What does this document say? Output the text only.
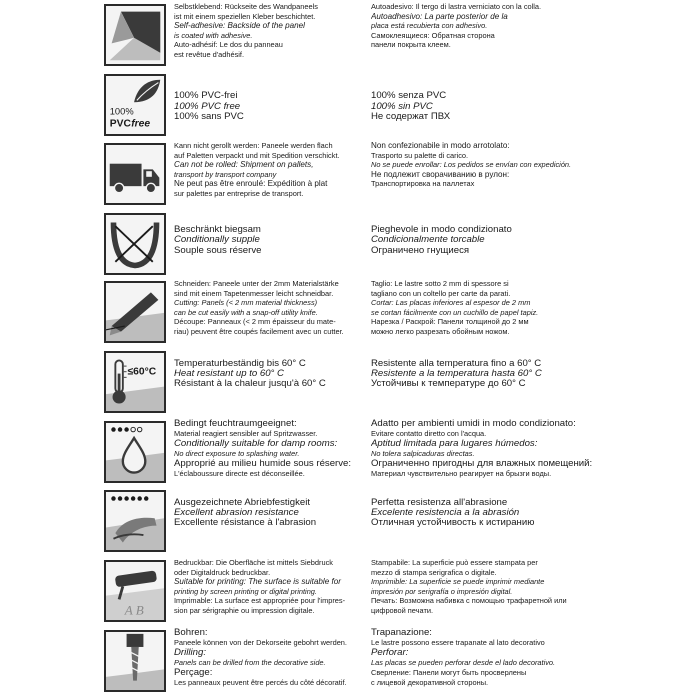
Selbstklebend: Rückseite des Wandpaneels
ist mit einem speziellen Kleber beschichtet.
Self-adhesive: Backside of the panel
is coated with adhesive.
Auto-adhésif: Le dos du panneau
est revêtue d'adhésif.
Autoadesivo: Il tergo di lastra verniciato con la colla.
Autoadhesivo: La parte posterior de la
placa está recubierta con adhesivo.
Самоклеящиеся: Обратная сторона
панели покрыта клеем.
100%
PVC free

100% PVC-frei
100% PVC free
100% sans PVC

100% senza PVC
100% sin PVC
Не содержат ПВХ
Kann nicht gerollt werden: Paneele werden flach
auf Paletten verpackt und mit Spedition verschickt.
Can not be rolled: Shipment on pallets,
transport by transport company
Ne peut pas être enroulé: Expédition à plat
sur palettes par entreprise de transport.
Non confezionabile in modo arrotolato:
Trasporto su palette di carico.
No se puede enrollar: Los pedidos se envían con expedición.
Не подлежит сворачиванию в рулон:
Транспортировка на паллетах
Beschränkt biegsam
Conditionally supple
Souple sous réserve
Pieghevole in modo condizionato
Condicionalmente torcable
Ограничено гнущиеся
Schneiden: Paneele unter der 2mm Materialstärke
sind mit einem Tapetenmesser leicht schneidbar.
Cutting: Panels (< 2 mm material thickness)
can be cut easily with a snap-off utility knife.
Découpe: Panneaux (< 2 mm épaisseur du mate-
riau) peuvent être coupés facilement avec un cutter.
Taglio: Le lastre sotto 2 mm di spessore si
tagliano con un coltello per carte da parati.
Cortar: Las placas inferiores al espesor de 2 mm
se cortan fácilmente con un cuchillo de papel tapiz.
Нарезка / Раскрой: Панели толщиной до 2 мм
можно легко разрезать обойным ножом.
≤60°C

Temperaturbeständig bis 60° C
Heat resistant up to 60° C
Résistant à la chaleur jusqu'à 60° C

Resistente alla temperatura fino a 60° C
Resistente a la temperatura hasta 60° C
Устойчивы к температуре до 60° C
Bedingt feuchtraumgeeignet:
Material reagiert sensibler auf Spritzwasser.
Conditionally suitable for damp rooms:
No direct exposure to splashing water.
Approprié au milieu humide sous réserve:
L'éclaboussure directe est déconseillée.
Adatto per ambienti umidi in modo condizionato:
Evitare contatto diretto con l'acqua.
Aptitud limitada para lugares húmedos:
No tolera salpicaduras directas.
Ограниченно пригодны для влажных помещений:
Материал чувствительно реагирует на брызги воды.

Ausgezeichnete Abriebfestigkeit
Excellent abrasion resistance
Excellente résistance à l'abrasion

Perfetta resistenza all'abrasione
Excelente resistencia a la abrasión
Отличная устойчивость к истиранию
A B
Bedruckbar: Die Oberfläche ist mittels Siebdruck
oder Digitaldruck bedruckbar.
Suitable for printing: The surface is suitable for
printing by screen printing or digital printing.
Imprimable: La surface est appropriée pour l'impres-
sion par sérigraphie ou impression digitale.
Stampabile: La superficie può essere stampata per
mezzo di stampa serigrafica o digitale.
Imprimible: La superficie se puede imprimir mediante
impresión por serigrafía o impresión digital.
Печать: Возможна набивка с помощью трафаретной или
цифровой печати.
Bohren:
Paneele können von der Dekorseite gebohrt werden.
Drilling:
Panels can be drilled from the decorative side.
Perçage:
Les panneaux peuvent être percés du côté décoratif.
Trapanazione:
Le lastre possono essere trapanate al lato decorativo
Perforar:
Las placas se pueden perforar desde el lado decorativo.
Сверление: Панели могут быть просверлены
с лицевой декоративной стороны.
